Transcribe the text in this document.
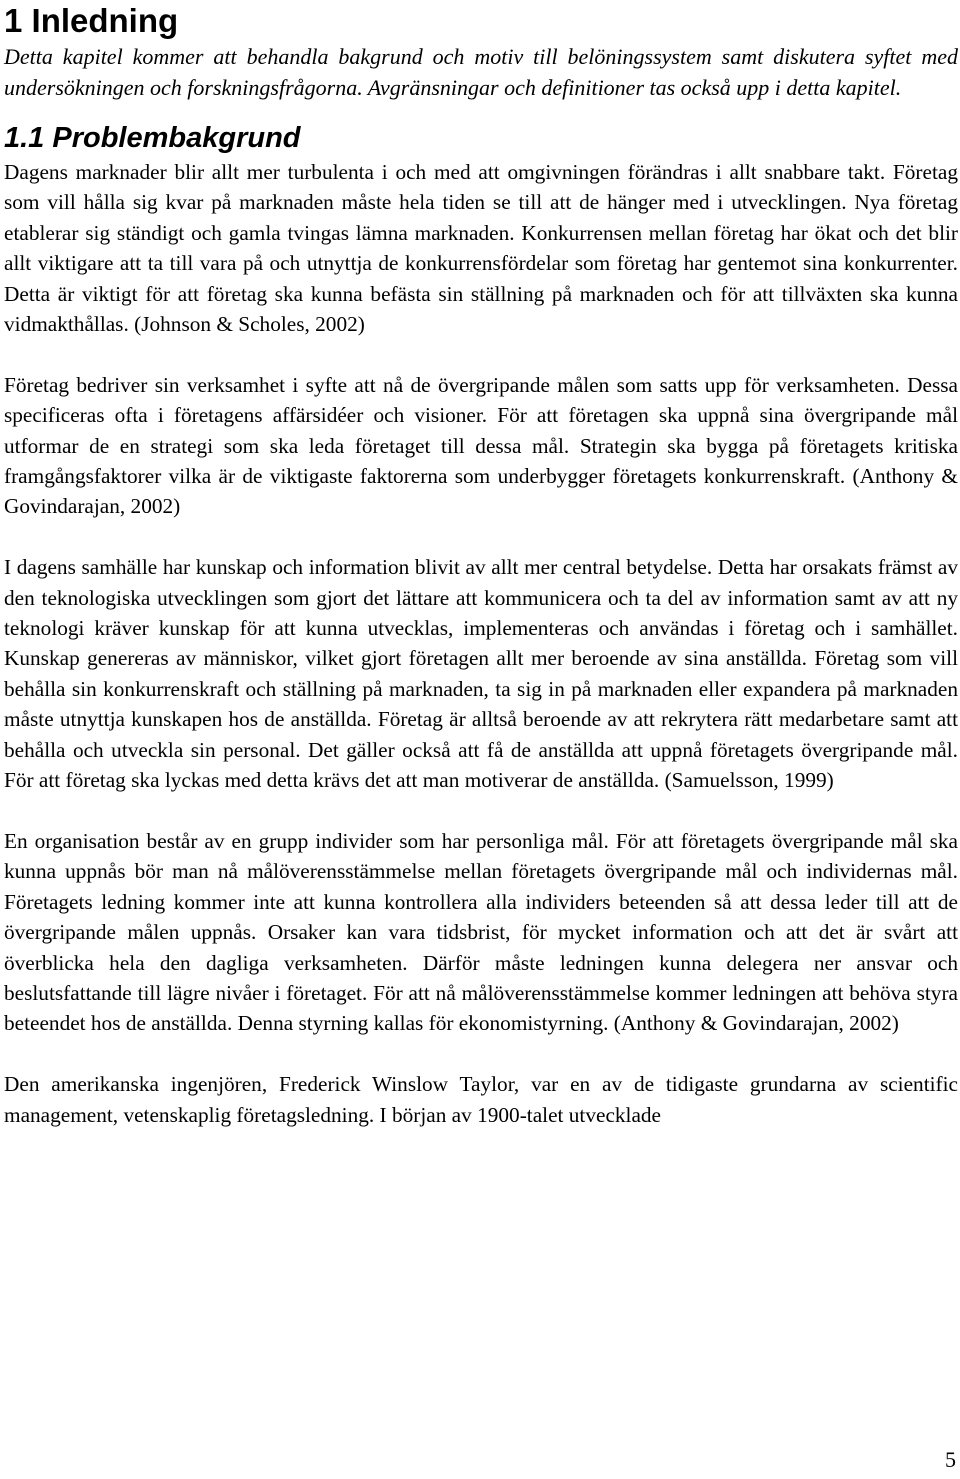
1 Inledning

Detta kapitel kommer att behandla bakgrund och motiv till belöningssystem samt diskutera syftet med undersökningen och forskningsfrågorna. Avgränsningar och definitioner tas också upp i detta kapitel.

1.1 Problembakgrund

Dagens marknader blir allt mer turbulenta i och med att omgivningen förändras i allt snabbare takt. Företag som vill hålla sig kvar på marknaden måste hela tiden se till att de hänger med i utvecklingen. Nya företag etablerar sig ständigt och gamla tvingas lämna marknaden. Konkurrensen mellan företag har ökat och det blir allt viktigare att ta till vara på och utnyttja de konkurrensfördelar som företag har gentemot sina konkurrenter. Detta är viktigt för att företag ska kunna befästa sin ställning på marknaden och för att tillväxten ska kunna vidmakthållas. (Johnson & Scholes, 2002)

Företag bedriver sin verksamhet i syfte att nå de övergripande målen som satts upp för verksamheten. Dessa specificeras ofta i företagens affärsidéer och visioner. För att företagen ska uppnå sina övergripande mål utformar de en strategi som ska leda företaget till dessa mål. Strategin ska bygga på företagets kritiska framgångsfaktorer vilka är de viktigaste faktorerna som underbygger företagets konkurrenskraft. (Anthony & Govindarajan, 2002)

I dagens samhälle har kunskap och information blivit av allt mer central betydelse. Detta har orsakats främst av den teknologiska utvecklingen som gjort det lättare att kommunicera och ta del av information samt av att ny teknologi kräver kunskap för att kunna utvecklas, implementeras och användas i företag och i samhället. Kunskap genereras av människor, vilket gjort företagen allt mer beroende av sina anställda. Företag som vill behålla sin konkurrenskraft och ställning på marknaden, ta sig in på marknaden eller expandera på marknaden måste utnyttja kunskapen hos de anställda. Företag är alltså beroende av att rekrytera rätt medarbetare samt att behålla och utveckla sin personal. Det gäller också att få de anställda att uppnå företagets övergripande mål. För att företag ska lyckas med detta krävs det att man motiverar de anställda. (Samuelsson, 1999)

En organisation består av en grupp individer som har personliga mål. För att företagets övergripande mål ska kunna uppnås bör man nå målöverensstämmelse mellan företagets övergripande mål och individernas mål. Företagets ledning kommer inte att kunna kontrollera alla individers beteenden så att dessa leder till att de övergripande målen uppnås. Orsaker kan vara tidsbrist, för mycket information och att det är svårt att överblicka hela den dagliga verksamheten. Därför måste ledningen kunna delegera ner ansvar och beslutsfattande till lägre nivåer i företaget. För att nå målöverensstämmelse kommer ledningen att behöva styra beteendet hos de anställda. Denna styrning kallas för ekonomistyrning. (Anthony & Govindarajan, 2002)

Den amerikanska ingenjören, Frederick Winslow Taylor, var en av de tidigaste grundarna av scientific management, vetenskaplig företagsledning. I början av 1900-talet utvecklade

5
